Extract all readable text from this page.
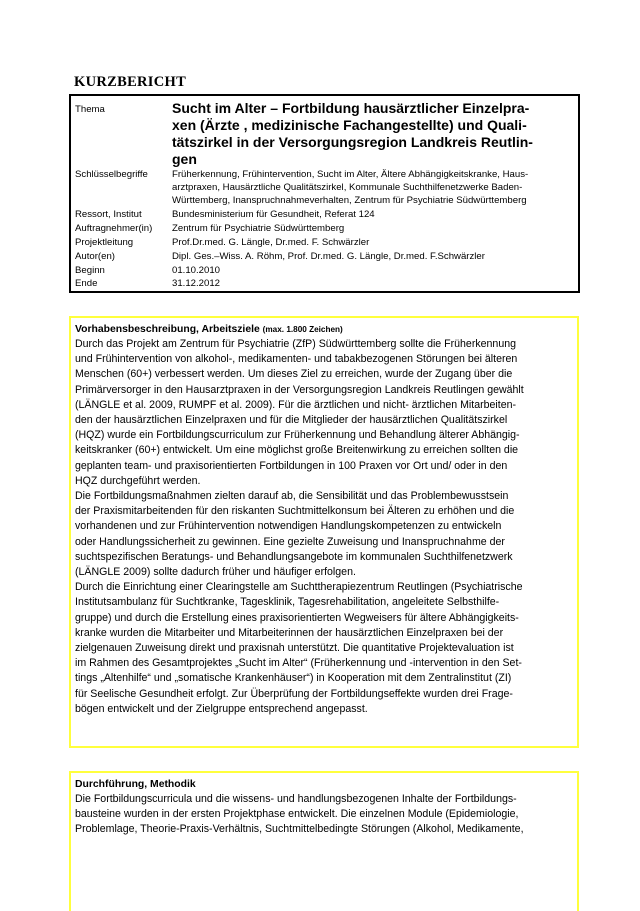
KURZBERICHT
Thema	Sucht im Alter – Fortbildung hausärztlicher Einzelpra-
xen (Ärzte , medizinische Fachangestellte) und Quali-
tätszirkel in der Versorgungsregion Landkreis Reutlin-
gen
Schlüsselbegriffe	Früherkennung, Frühintervention, Sucht im Alter, Ältere Abhängigkeitskranke, Haus-
arztpraxen, Hausärztliche Qualitätszirkel, Kommunale Suchthilfenetzwerke Baden-
Württemberg, Inanspruchnahmeverhalten, Zentrum für Psychiatrie Südwürttemberg
Ressort, Institut	Bundesministerium für Gesundheit, Referat 124
Auftragnehmer(in) Zentrum für Psychiatrie Südwürttemberg
Projektleitung	Prof.Dr.med. G. Längle, Dr.med. F. Schwärzler
Autor(en)	Dipl. Ges.–Wiss. A. Röhm, Prof. Dr.med. G. Längle, Dr.med. F.Schwärzler
Beginn	01.10.2010
Ende	31.12.2012
Vorhabensbeschreibung, Arbeitsziele (max. 1.800 Zeichen)
Durch das Projekt am Zentrum für Psychiatrie (ZfP) Südwürttemberg sollte die Früherkennung
und Frühintervention von alkohol-, medikamenten- und tabakbezogenen Störungen bei älteren
Menschen (60+) verbessert werden. Um dieses Ziel zu erreichen, wurde der Zugang über die
Primärversorger in den Hausarztpraxen in der Versorgungsregion Landkreis Reutlingen gewählt
(LÄNGLE et al. 2009, RUMPF et al. 2009). Für die ärztlichen und nicht- ärztlichen Mitarbeiten-
den der hausärztlichen Einzelpraxen und für die Mitglieder der hausärztlichen Qualitätszirkel
(HQZ) wurde ein Fortbildungscurriculum zur Früherkennung und Behandlung älterer Abhängig-
keitskranker (60+) entwickelt. Um eine möglichst große Breitenwirkung zu erreichen sollten die
geplanten team- und praxisorientierten Fortbildungen in 100 Praxen vor Ort und/ oder in den
HQZ durchgeführt werden.
Die Fortbildungsmaßnahmen zielten darauf ab, die Sensibilität und das Problembewusstsein
der Praxismitarbeitenden für den riskanten Suchtmittelkonsum bei Älteren zu erhöhen und die
vorhandenen und zur Frühintervention notwendigen Handlungskompetenzen zu entwickeln
oder Handlungssicherheit zu gewinnen. Eine gezielte Zuweisung und Inanspruchnahme der
suchtspezifischen Beratungs- und Behandlungsangebote im kommunalen Suchthilfenetzwerk
(LÄNGLE 2009) sollte dadurch früher und häufiger erfolgen.
Durch die Einrichtung einer Clearingstelle am Suchttherapiezentrum Reutlingen (Psychiatrische
Institutsambulanz für Suchtkranke, Tagesklinik, Tagesrehabilitation, angeleitete Selbsthilfe-
gruppe) und durch die Erstellung eines praxisorientierten Wegweisers für ältere Abhängigkeits-
kranke wurden die Mitarbeiter und Mitarbeiterinnen der hausärztlichen Einzelpraxen bei der
zielgenauen Zuweisung direkt und praxisnah unterstützt. Die quantitative Projektevaluation ist
im Rahmen des Gesamtprojektes „Sucht im Alter“ (Früherkennung und -intervention in den Set-
tings „Altenhilfe“ und „somatische Krankenhäuser“) in Kooperation mit dem Zentralinstitut (ZI)
für Seelische Gesundheit erfolgt. Zur Überprüfung der Fortbildungseffekte wurden drei Frage-
bögen entwickelt und der Zielgruppe entsprechend angepasst.
Durchführung, Methodik
Die Fortbildungscurricula und die wissens- und handlungsbezogenen Inhalte der Fortbildungs-
bausteine wurden in der ersten Projektphase entwickelt. Die einzelnen Module (Epidemiologie,
Problemlage, Theorie-Praxis-Verhältnis, Suchtmittelbedingte Störungen (Alkohol, Medikamente,
